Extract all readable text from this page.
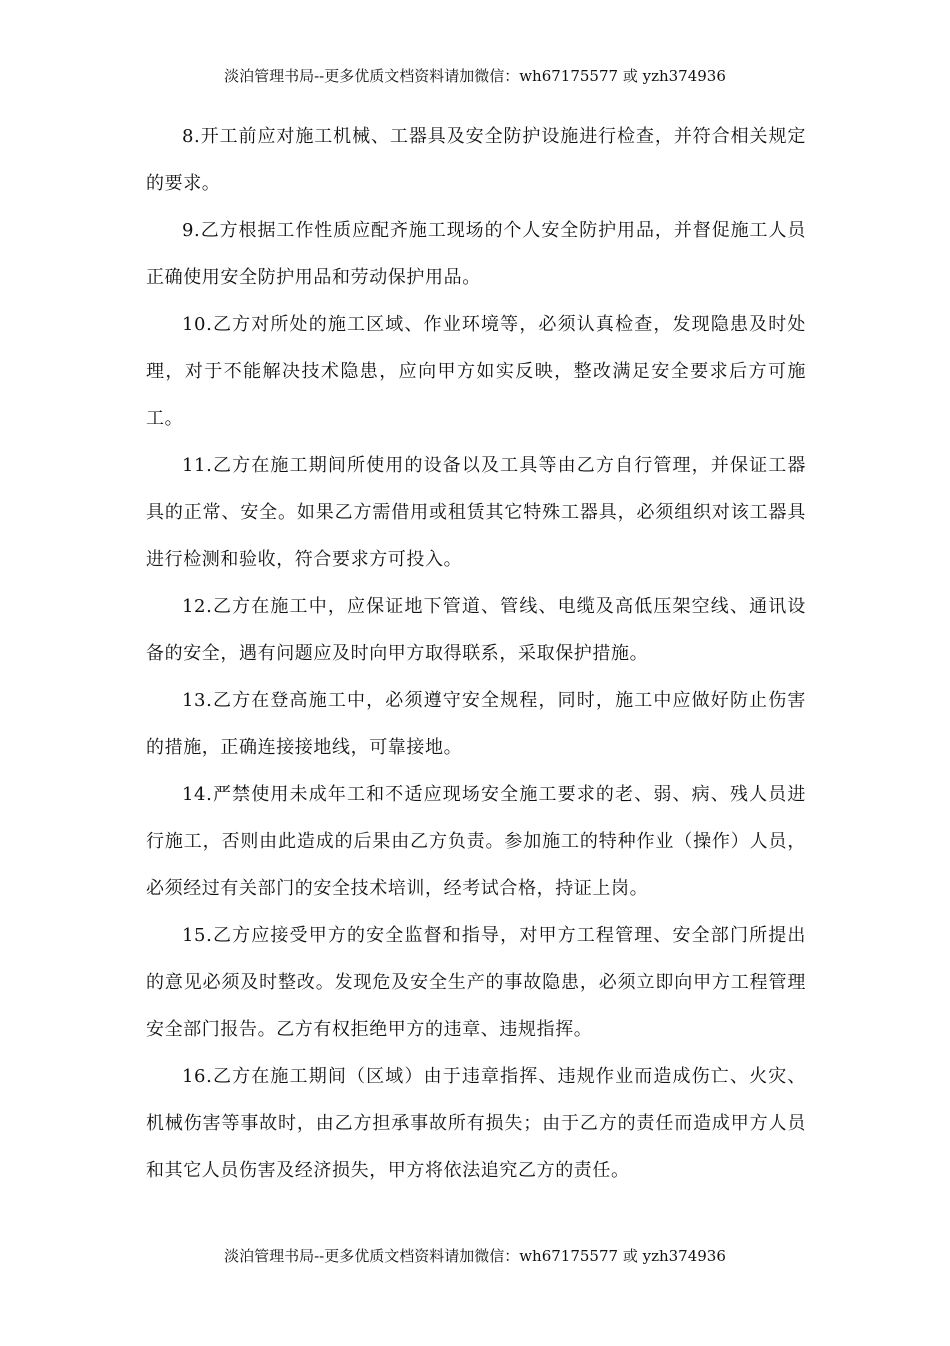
淡泊管理书局--更多优质文档资料请加微信：wh67175577 或 yzh374936

8.开工前应对施工机械、工器具及安全防护设施进行检查，并符合相关规定的要求。

9.乙方根据工作性质应配齐施工现场的个人安全防护用品，并督促施工人员正确使用安全防护用品和劳动保护用品。

10.乙方对所处的施工区域、作业环境等，必须认真检查，发现隐患及时处理，对于不能解决技术隐患，应向甲方如实反映，整改满足安全要求后方可施工。

11.乙方在施工期间所使用的设备以及工具等由乙方自行管理，并保证工器具的正常、安全。如果乙方需借用或租赁其它特殊工器具，必须组织对该工器具进行检测和验收，符合要求方可投入。

12.乙方在施工中，应保证地下管道、管线、电缆及高低压架空线、通讯设备的安全，遇有问题应及时向甲方取得联系，采取保护措施。

13.乙方在登高施工中，必须遵守安全规程，同时，施工中应做好防止伤害的措施，正确连接接地线，可靠接地。

14.严禁使用未成年工和不适应现场安全施工要求的老、弱、病、残人员进行施工，否则由此造成的后果由乙方负责。参加施工的特种作业（操作）人员，必须经过有关部门的安全技术培训，经考试合格，持证上岗。

15.乙方应接受甲方的安全监督和指导，对甲方工程管理、安全部门所提出的意见必须及时整改。发现危及安全生产的事故隐患，必须立即向甲方工程管理安全部门报告。乙方有权拒绝甲方的违章、违规指挥。

16.乙方在施工期间（区域）由于违章指挥、违规作业而造成伤亡、火灾、机械伤害等事故时，由乙方担承事故所有损失；由于乙方的责任而造成甲方人员和其它人员伤害及经济损失，甲方将依法追究乙方的责任。

淡泊管理书局--更多优质文档资料请加微信：wh67175577 或 yzh374936
